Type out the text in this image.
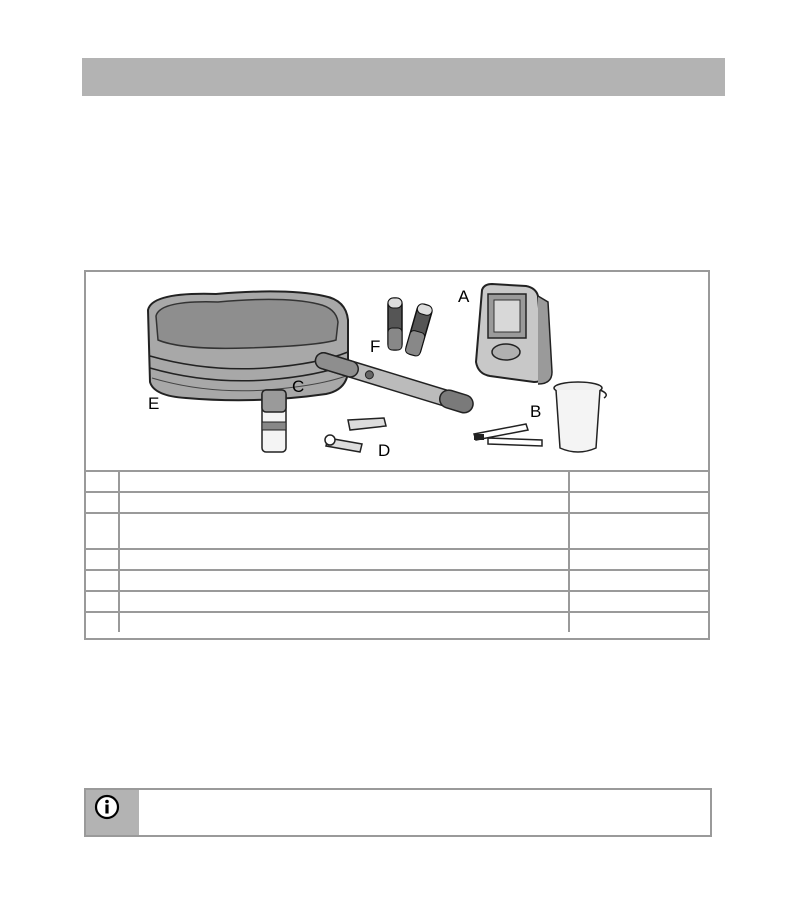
A
B
C
D
E
F
